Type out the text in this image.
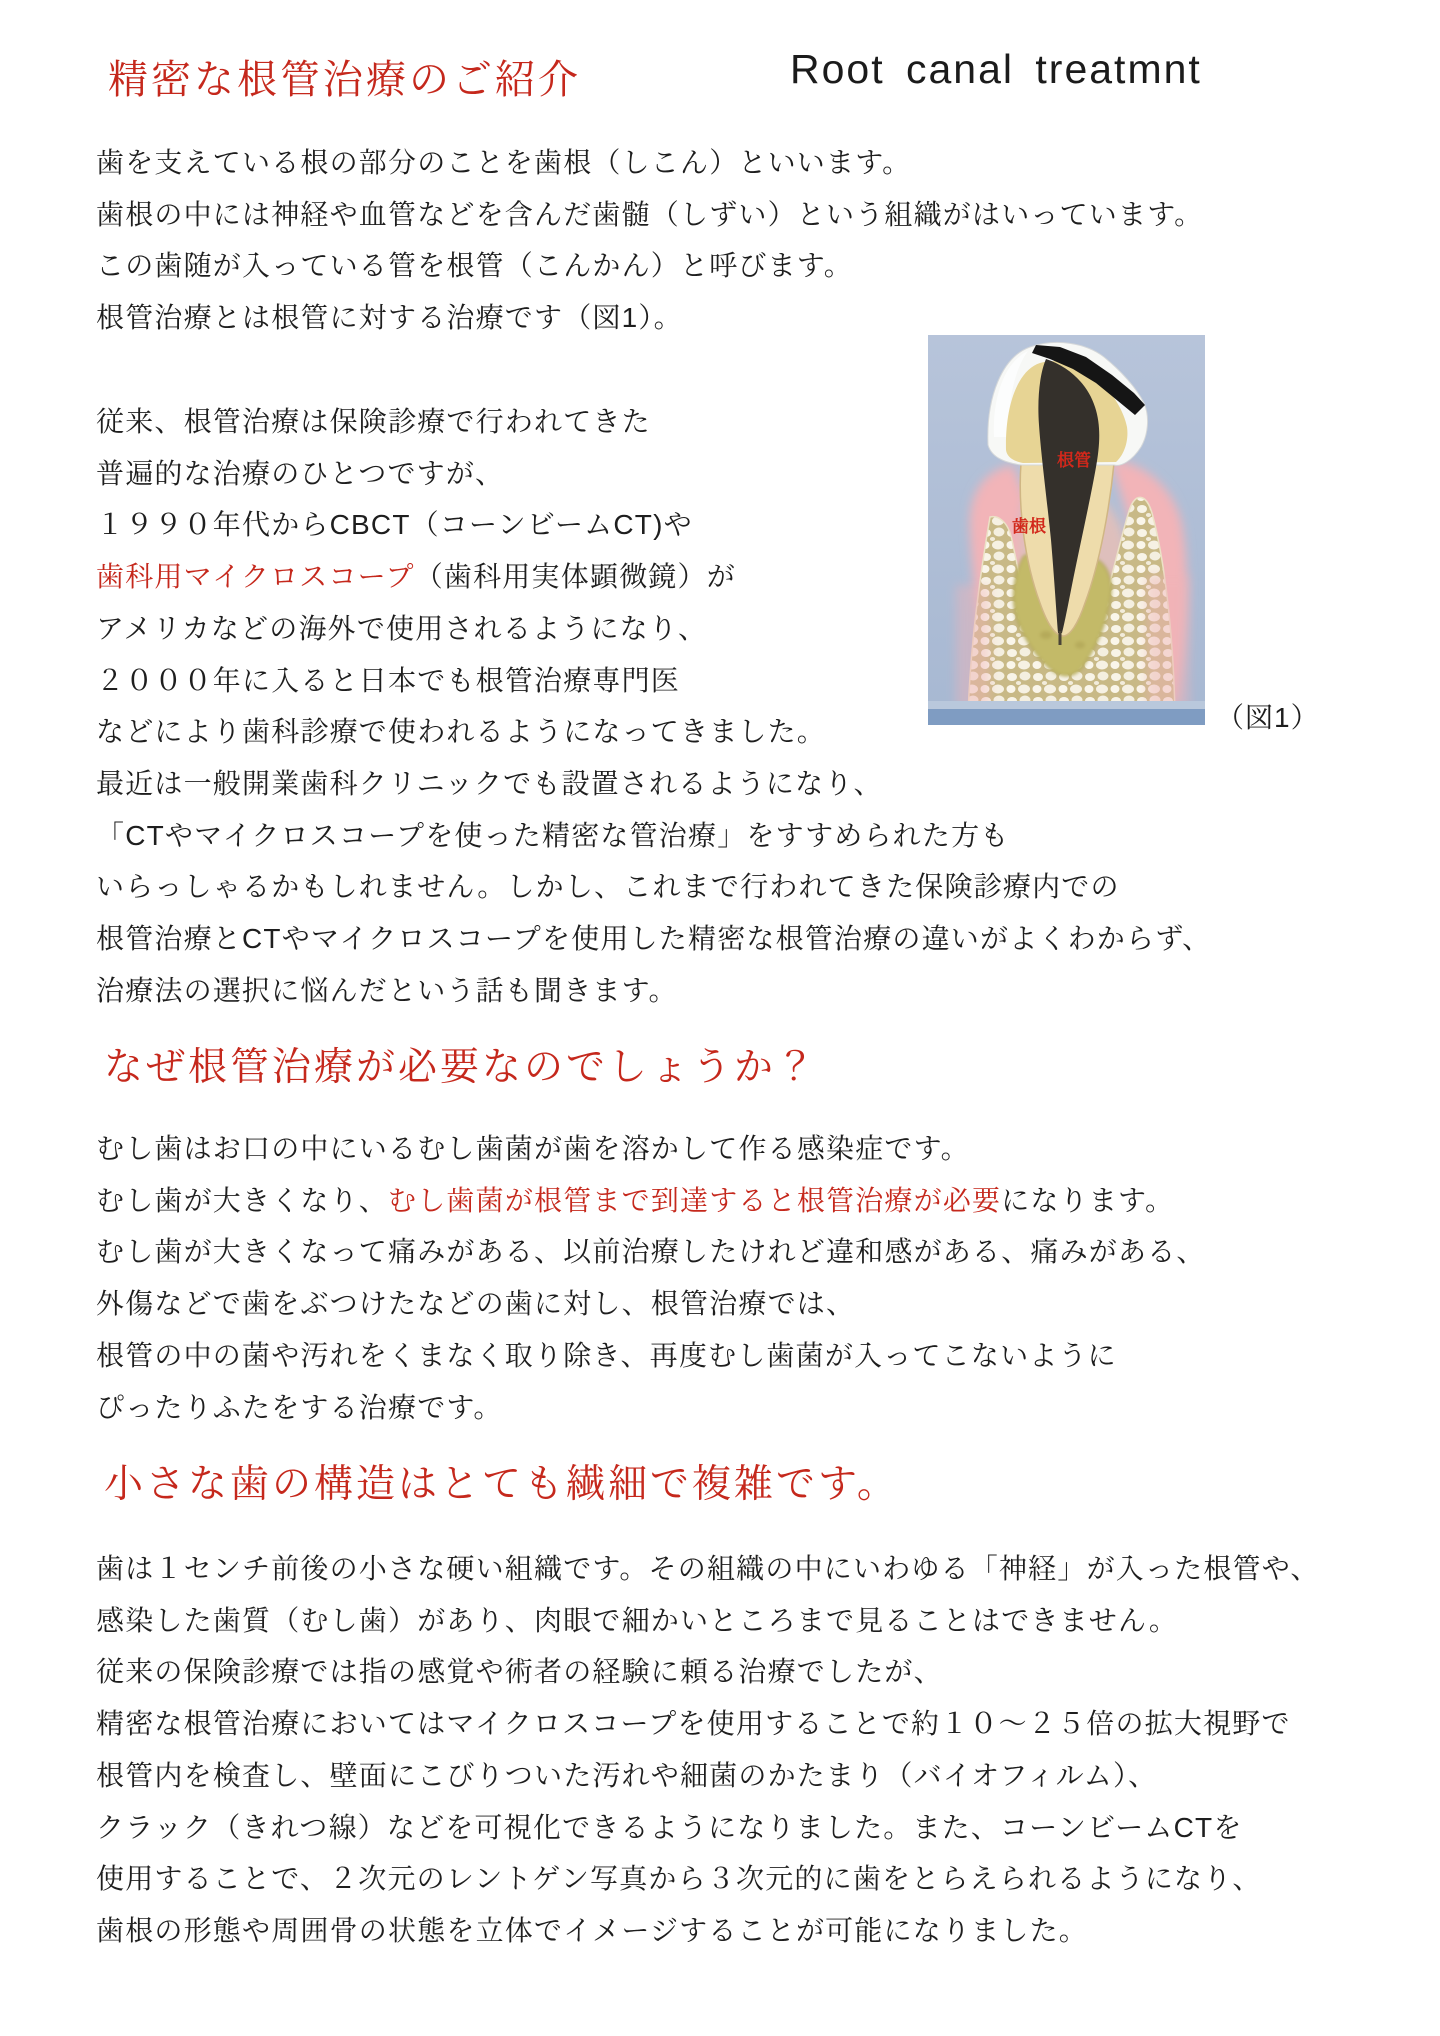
精密な根管治療のご紹介	Root canal treatmnt
歯を支えている根の部分のことを歯根（しこん）といいます。
歯根の中には神経や血管などを含んだ歯髄（しずい）という組織がはいっています。
この歯随が入っている管を根管（こんかん）と呼びます。
根管治療とは根管に対する治療です（図1）。
従来、根管治療は保険診療で行われてきた
普遍的な治療のひとつですが、
１９９０年代からCBCT（コーンビームCT)や
歯科用マイクロスコープ（歯科用実体顕微鏡）が
アメリカなどの海外で使用されるようになり、
２０００年に入ると日本でも根管治療専門医
などにより歯科診療で使われるようになってきました。
最近は一般開業歯科クリニックでも設置されるようになり、
「CTやマイクロスコープを使った精密な管治療」をすすめられた方も
いらっしゃるかもしれません。しかし、これまで行われてきた保険診療内での
根管治療とCTやマイクロスコープを使用した精密な根管治療の違いがよくわからず、
治療法の選択に悩んだという話も聞きます。
根管
歯根
（図1）
なぜ根管治療が必要なのでしょうか？
むし歯はお口の中にいるむし歯菌が歯を溶かして作る感染症です。
むし歯が大きくなり、むし歯菌が根管まで到達すると根管治療が必要になります。
むし歯が大きくなって痛みがある、以前治療したけれど違和感がある、痛みがある、
外傷などで歯をぶつけたなどの歯に対し、根管治療では、
根管の中の菌や汚れをくまなく取り除き、再度むし歯菌が入ってこないように
ぴったりふたをする治療です。
小さな歯の構造はとても繊細で複雑です。
歯は１センチ前後の小さな硬い組織です。その組織の中にいわゆる「神経」が入った根管や、
感染した歯質（むし歯）があり、肉眼で細かいところまで見ることはできません。
従来の保険診療では指の感覚や術者の経験に頼る治療でしたが、
精密な根管治療においてはマイクロスコープを使用することで約１０～２５倍の拡大視野で
根管内を検査し、壁面にこびりついた汚れや細菌のかたまり（バイオフィルム）、
クラック（きれつ線）などを可視化できるようになりました。また、コーンビームCTを
使用することで、２次元のレントゲン写真から３次元的に歯をとらえられるようになり、
歯根の形態や周囲骨の状態を立体でイメージすることが可能になりました。
